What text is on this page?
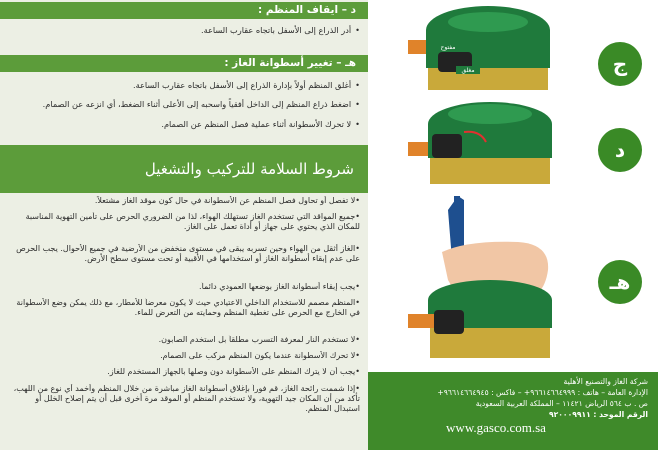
د – ايقاف المنظم :
•أدر الذراع إلى الأسفل باتجاه عقارب الساعة.
هـ – تغيير أسطوانة الغاز :
•أغلق المنظم أولاً بإدارة الذراع إلى الأسفل باتجاه عقارب الساعة.
•اضغط ذراع المنظم إلى الداخل أفقياً واسحبه إلى الأعلى أثناء الضغط، أي انزعه عن الصمام.
•لا تحرك الأسطوانة أثناء عملية فصل المنظم عن الصمام.
شروط السلامة للتركيب والتشغيل
•لا تفصل أو تحاول فصل المنظم عن الأسطوانة في حال كون موقد الغاز مشتعلاً.
•جميع المواقد التي تستخدم الغاز تستهلك الهواء، لذا من الضروري الحرص على تأمين التهوية المناسبة للمكان الذي يحتوي على جهاز أو أداة تعمل على الغاز.
•الغاز أثقل من الهواء وحين تسربه يبقى في مستوى منخفض من الأرضية في جميع الأحوال. يجب الحرص على عدم إبقاء أسطوانة الغاز أو استخدامها في الأقبية أو تحت مستوى سطح الأرض.
•يجب إبقاء أسطوانة الغاز بوضعها العمودي دائماً.
•المنظم مصمم للاستخدام الداخلي الاعتيادي حيث لا يكون معرضاً للأمطار، مع ذلك يمكن وضع الأسطوانة في الخارج مع الحرص على تغطية المنظم وحمايته من التعرض للماء.
•لا تستخدم النار لمعرفة التسرب مطلقاً بل استخدم الصابون.
•لا تحرك الأسطوانة عندما يكون المنظم مركب على الصمام.
•يجب أن لا يترك المنظم على الأسطوانة دون وصلها بالجهاز المستخدم للغاز.
•إذا شممت رائحة الغاز، قم فوراً بإغلاق أسطوانة الغاز مباشرة من خلال المنظم وأخمد أي نوع من اللهب، تأكد من أن المكان جيد التهوية، ولا تستخدم المنظم أو الموقد مرة أخرى قبل أن يتم إصلاح الخلل أو استبدال المنظم.
مفتوح
مغلق	ج
د
هـ
شركة الغاز والتصنيع الأهلية
الإدارة العامة – هاتف : ٩٦٦١٤٦٦٤٩٩٩+ – فاكس : ٩٦٦١٤٦٦٤٩٤٥+
ص . ب ٥٦٤ الرياض ١١٤٢١ – المملكة العربية السعودية
الرقم الموحد : ٩٢٠٠٠٩٩١١
www.gasco.com.sa
